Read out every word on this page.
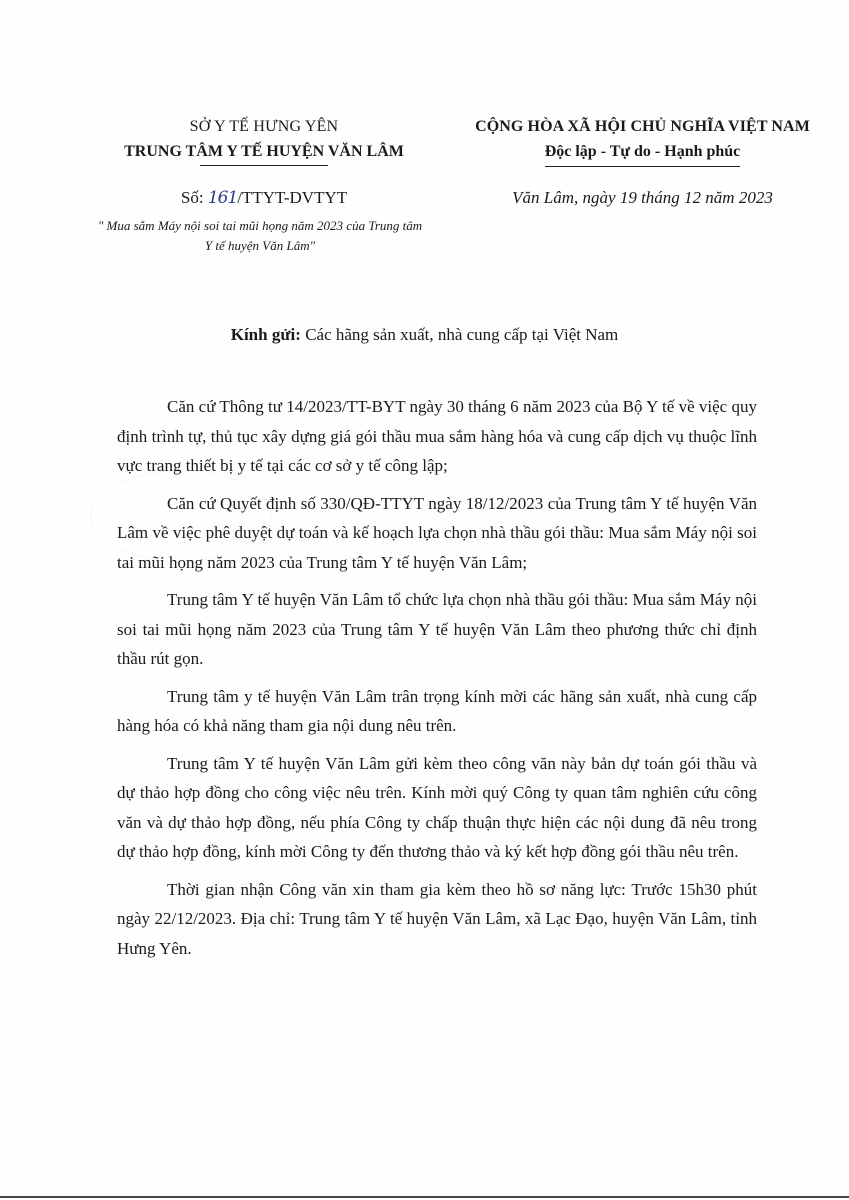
SỞ Y TẾ HƯNG YÊN
TRUNG TÂM Y TẾ HUYỆN VĂN LÂM
CỘNG HÒA XÃ HỘI CHỦ NGHĨA VIỆT NAM
Độc lập - Tự do - Hạnh phúc
Số: 161/TTYT-DVTYT
" Mua sắm Máy nội soi tai mũi họng năm 2023 của Trung tâm
Y tế huyện Văn Lâm"
Văn Lâm, ngày 19 tháng 12 năm 2023
Kính gửi: Các hãng sản xuất, nhà cung cấp tại Việt Nam

Căn cứ Thông tư 14/2023/TT-BYT ngày 30 tháng 6 năm 2023 của Bộ Y tế về việc quy định trình tự, thủ tục xây dựng giá gói thầu mua sắm hàng hóa và cung cấp dịch vụ thuộc lĩnh vực trang thiết bị y tế tại các cơ sở y tế công lập;

Căn cứ Quyết định số 330/QĐ-TTYT ngày 18/12/2023 của Trung tâm Y tế huyện Văn Lâm về việc phê duyệt dự toán và kế hoạch lựa chọn nhà thầu gói thầu: Mua sắm Máy nội soi tai mũi họng năm 2023 của Trung tâm Y tế huyện Văn Lâm;

Trung tâm Y tế huyện Văn Lâm tổ chức lựa chọn nhà thầu gói thầu: Mua sắm Máy nội soi tai mũi họng năm 2023 của Trung tâm Y tế huyện Văn Lâm theo phương thức chỉ định thầu rút gọn.

Trung tâm y tế huyện Văn Lâm trân trọng kính mời các hãng sản xuất, nhà cung cấp hàng hóa có khả năng tham gia nội dung nêu trên.

Trung tâm Y tế huyện Văn Lâm gửi kèm theo công văn này bản dự toán gói thầu và dự thảo hợp đồng cho công việc nêu trên. Kính mời quý Công ty quan tâm nghiên cứu công văn và dự thảo hợp đồng, nếu phía Công ty chấp thuận thực hiện các nội dung đã nêu trong dự thảo hợp đồng, kính mời Công ty đến thương thảo và ký kết hợp đồng gói thầu nêu trên.

Thời gian nhận Công văn xin tham gia kèm theo hồ sơ năng lực: Trước 15h30 phút ngày 22/12/2023. Địa chỉ: Trung tâm Y tế huyện Văn Lâm, xã Lạc Đạo, huyện Văn Lâm, tỉnh Hưng Yên.
